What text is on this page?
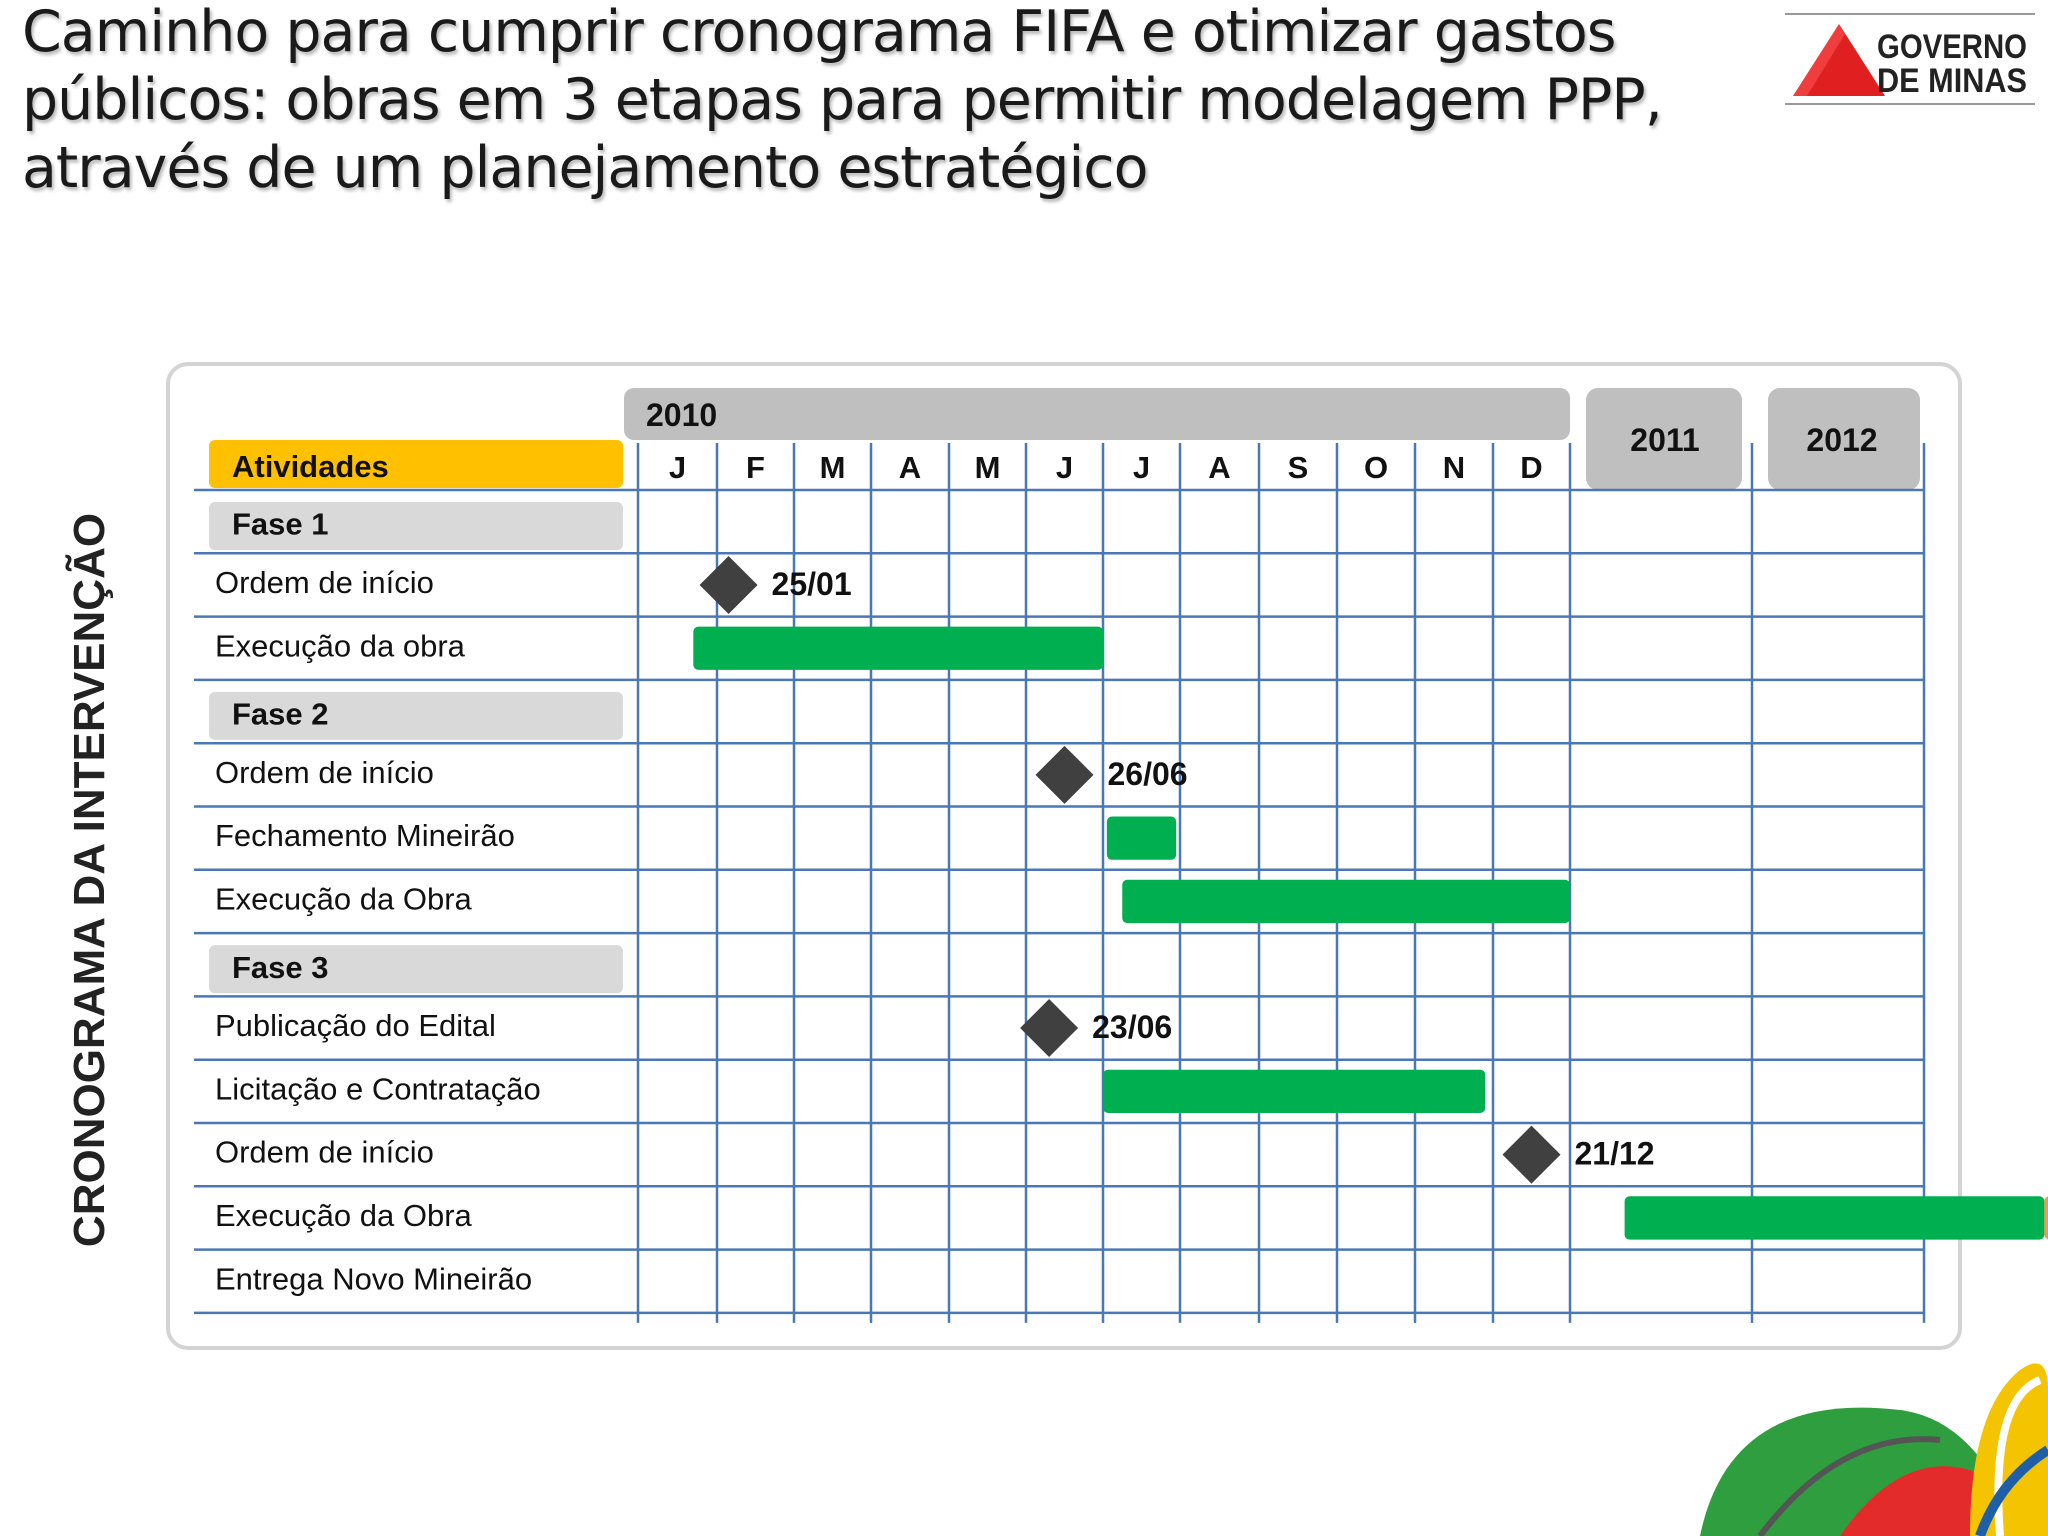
Caminho para cumprir cronograma FIFA e otimizar gastos
públicos: obras em 3 etapas para permitir modelagem PPP,
através de um planejamento estratégico
GOVERNO
DE MINAS
CRONOGRAMA DA INTERVENÇÃO
2010
2011	2012
Atividades	J F M A M J J A S O N D
Fase 1
Ordem de início	25/01
Execução da obra
Fase 2
Ordem de início	26/06
Fechamento Mineirão
Execução da Obra
Fase 3
Publicação do Edital	23/06
Licitação e Contratação
Ordem de início	21/12
Execução da Obra
Entrega Novo Mineirão
